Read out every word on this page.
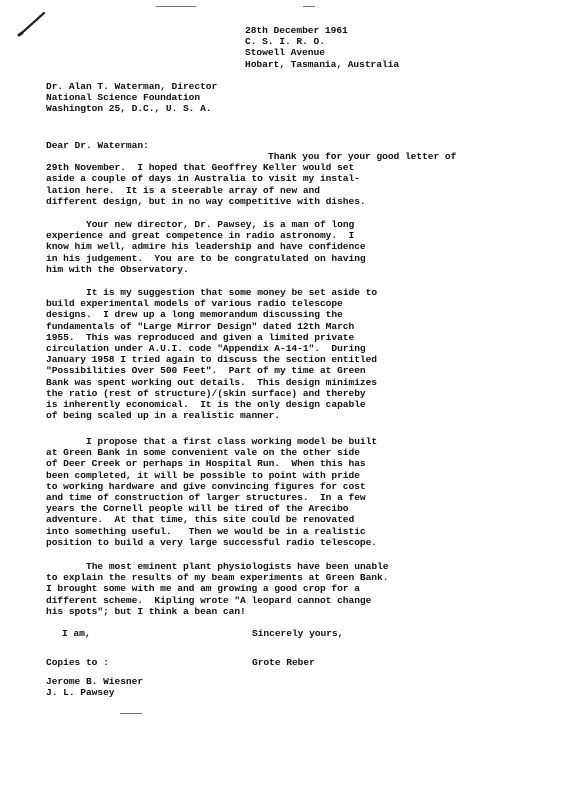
28th December 1961
C. S. I. R. O.
Stowell Avenue
Hobart, Tasmania, Australia
Dr. Alan T. Waterman, Director
National Science Foundation
Washington 25, D.C., U. S. A.
Dear Dr. Waterman:
Thank you for your good letter of
29th November.  I hoped that Geoffrey Keller would set
aside a couple of days in Australia to visit my instal-
lation here.  It is a steerable array of new and
different design, but in no way competitive with dishes.
Your new director, Dr. Pawsey, is a man of long
experience and great competence in radio astronomy.  I
know him well, admire his leadership and have confidence
in his judgement.  You are to be congratulated on having
him with the Observatory.
It is my suggestion that some money be set aside to
build experimental models of various radio telescope
designs.  I drew up a long memorandum discussing the
fundamentals of "Large Mirror Design" dated 12th March
1955.  This was reproduced and given a limited private
circulation under A.U.I. code "Appendix A-14-1".  During
January 1958 I tried again to discuss the section entitled
"Possibilities Over 500 Feet".  Part of my time at Green
Bank was spent working out details.  This design minimizes
the ratio (rest of structure)/(skin surface) and thereby
is inherently economical.  It is the only design capable
of being scaled up in a realistic manner.
I propose that a first class working model be built
at Green Bank in some convenient vale on the other side
of Deer Creek or perhaps in Hospital Run.  When this has
been completed, it will be possible to point with pride
to working hardware and give convincing figures for cost
and time of construction of larger structures.  In a few
years the Cornell people will be tired of the Arecibo
adventure.  At that time, this site could be renovated
into something useful.   Then we would be in a realistic
position to build a very large successful radio telescope.
The most eminent plant physiologists have been unable
to explain the results of my beam experiments at Green Bank.
I brought some with me and am growing a good crop for a
different scheme.  Kipling wrote "A leopard cannot change
his spots"; but I think a bean can!
I am,	Sincerely yours,
Copies to :	Grote Reber
Jerome B. Wiesner
J. L. Pawsey
